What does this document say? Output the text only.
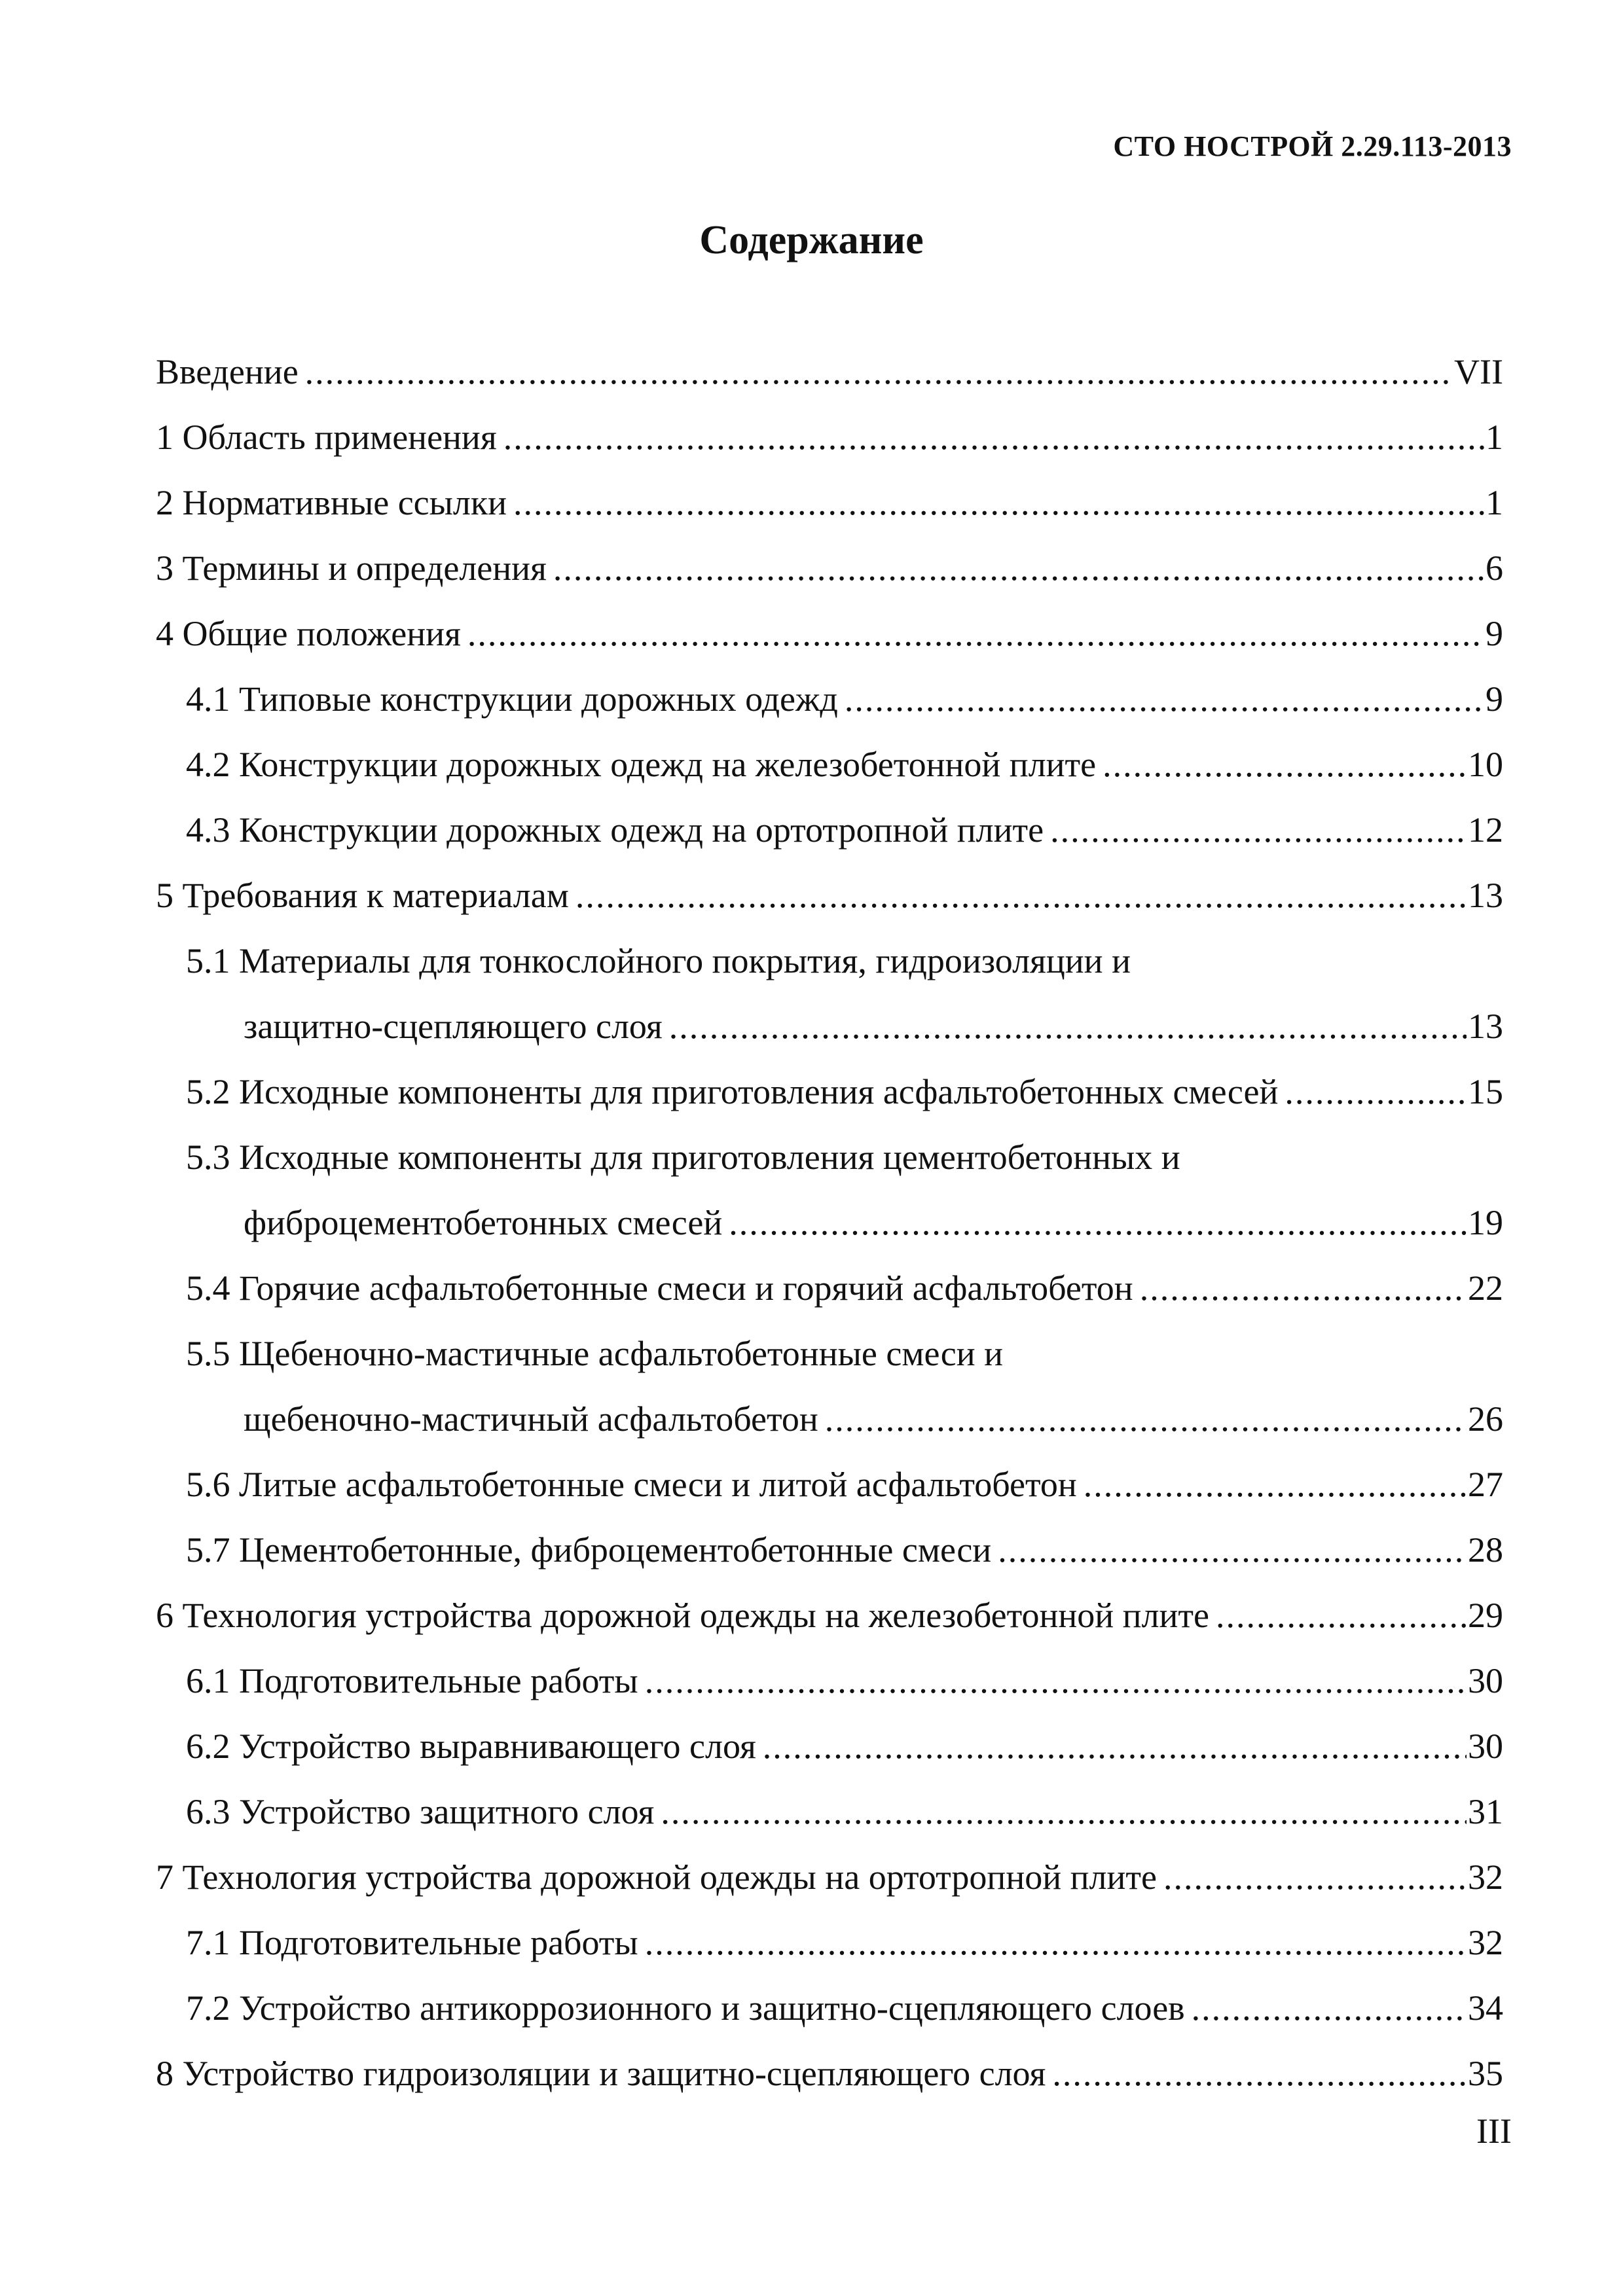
СТО НОСТРОЙ 2.29.113-2013
Содержание
Введение .....	VII
1 Область применения .....	1
2 Нормативные ссылки .....	1
3 Термины и определения .....	6
4 Общие положения .....	9
4.1 Типовые конструкции дорожных одежд .....	9
4.2 Конструкции дорожных одежд на железобетонной плите .....	10
4.3 Конструкции дорожных одежд на ортотропной плите .....	12
5 Требования к материалам .....	13
5.1 Материалы для тонкослойного покрытия, гидроизоляции и
защитно-сцепляющего слоя .....	13
5.2 Исходные компоненты для приготовления асфальтобетонных смесей .....	15
5.3 Исходные компоненты для приготовления цементобетонных и
фиброцементобетонных смесей .....	19
5.4 Горячие асфальтобетонные смеси и горячий асфальтобетон .....	22
5.5 Щебеночно-мастичные асфальтобетонные смеси и
щебеночно-мастичный асфальтобетон .....	26
5.6 Литые асфальтобетонные смеси и литой асфальтобетон .....	27
5.7 Цементобетонные, фиброцементобетонные смеси .....	28
6 Технология устройства дорожной одежды на железобетонной плите .....	29
6.1 Подготовительные работы .....	30
6.2 Устройство выравнивающего слоя .....	30
6.3 Устройство защитного слоя .....	31
7 Технология устройства дорожной одежды на ортотропной плите .....	32
7.1 Подготовительные работы .....	32
7.2 Устройство антикоррозионного и защитно-сцепляющего слоев .....	34
8 Устройство гидроизоляции и защитно-сцепляющего слоя .....	35
III
